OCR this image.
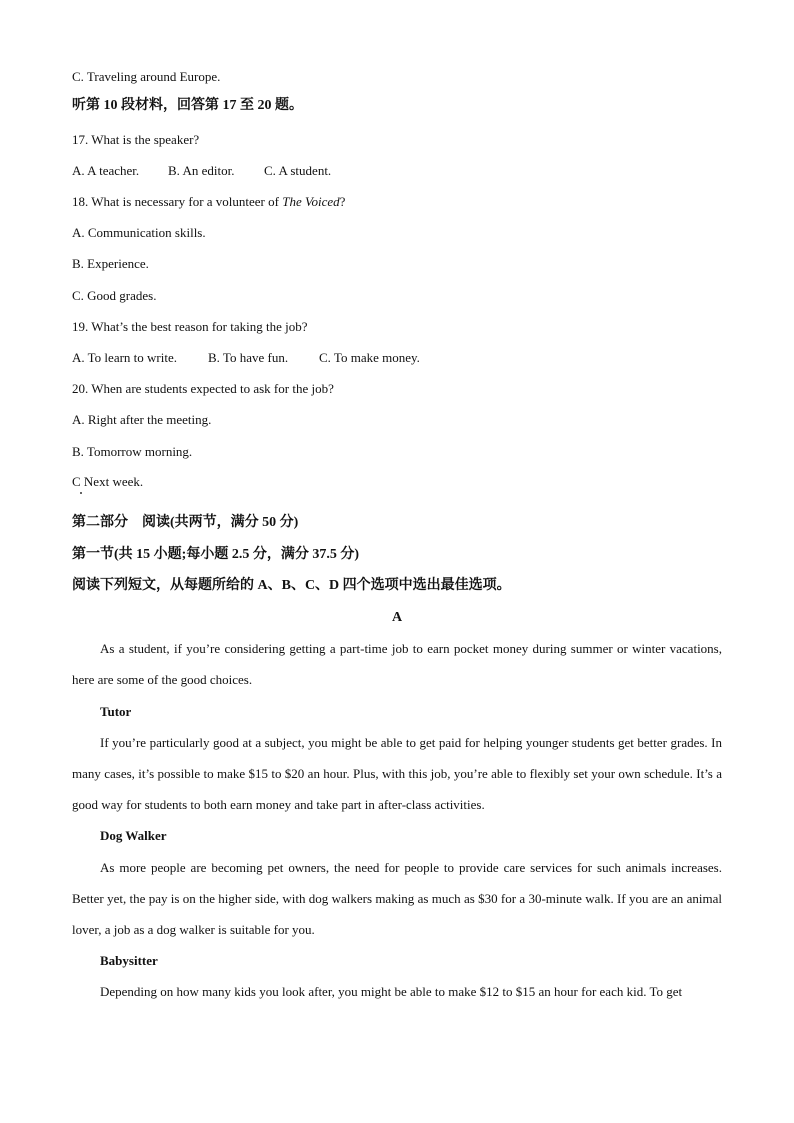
C. Traveling around Europe.
听第 10 段材料，回答第 17 至 20 题。
17. What is the speaker?
A. A teacher. B. An editor. C. A student.
18. What is necessary for a volunteer of The Voiced?
A. Communication skills.
B. Experience.
C. Good grades.
19. What’s the best reason for taking the job?
A. To learn to write. B. To have fun. C. To make money.
20. When are students expected to ask for the job?
A. Right after the meeting.
B. Tomorrow morning.
C Next week.
第二部分　阅读(共两节，满分 50 分)
第一节(共 15 小题;每小题 2.5 分，满分 37.5 分)
阅读下列短文，从每题所给的 A、B、C、D 四个选项中选出最佳选项。
A

As a student, if you’re considering getting a part-time job to earn pocket money during summer or winter vacations, here are some of the good choices.

Tutor

If you’re particularly good at a subject, you might be able to get paid for helping younger students get better grades. In many cases, it’s possible to make $15 to $20 an hour. Plus, with this job, you’re able to flexibly set your own schedule. It’s a good way for students to both earn money and take part in after-class activities.

Dog Walker

As more people are becoming pet owners, the need for people to provide care services for such animals increases. Better yet, the pay is on the higher side, with dog walkers making as much as $30 for a 30-minute walk. If you are an animal lover, a job as a dog walker is suitable for you.

Babysitter

Depending on how many kids you look after, you might be able to make $12 to $15 an hour for each kid. To get
